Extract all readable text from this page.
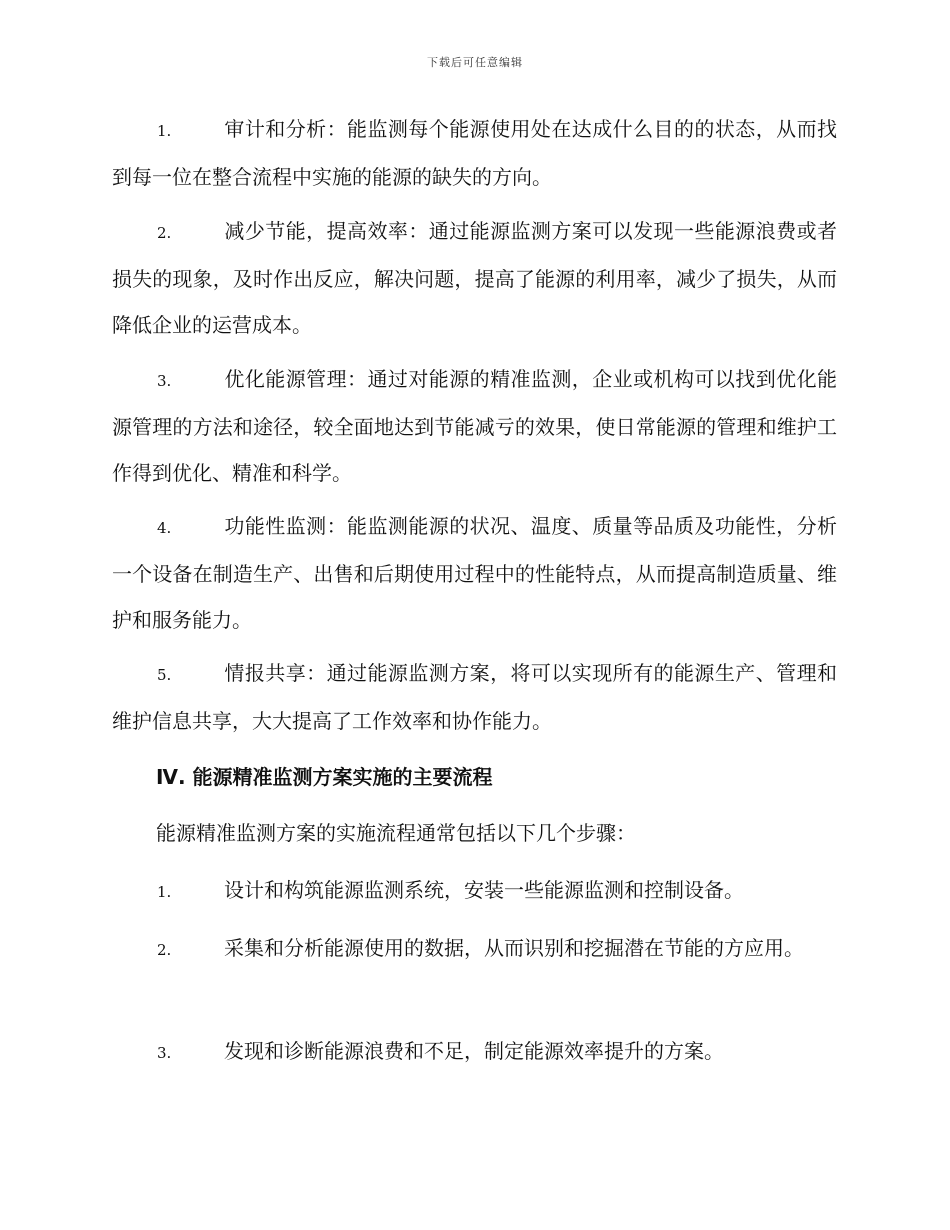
下载后可任意编辑
1.	审计和分析：能监测每个能源使用处在达成什么目的的状态，从而找到每一位在整合流程中实施的能源的缺失的方向。
2.	减少节能，提高效率：通过能源监测方案可以发现一些能源浪费或者损失的现象，及时作出反应，解决问题，提高了能源的利用率，减少了损失，从而降低企业的运营成本。
3.	优化能源管理：通过对能源的精准监测，企业或机构可以找到优化能源管理的方法和途径，较全面地达到节能减亏的效果，使日常能源的管理和维护工作得到优化、精准和科学。
4.	功能性监测：能监测能源的状况、温度、质量等品质及功能性，分析一个设备在制造生产、出售和后期使用过程中的性能特点，从而提高制造质量、维护和服务能力。
5.	情报共享：通过能源监测方案，将可以实现所有的能源生产、管理和维护信息共享，大大提高了工作效率和协作能力。
Ⅳ. 能源精准监测方案实施的主要流程
能源精准监测方案的实施流程通常包括以下几个步骤：
1.	设计和构筑能源监测系统，安装一些能源监测和控制设备。
2.	采集和分析能源使用的数据，从而识别和挖掘潜在节能的方应用。
3.	发现和诊断能源浪费和不足，制定能源效率提升的方案。
